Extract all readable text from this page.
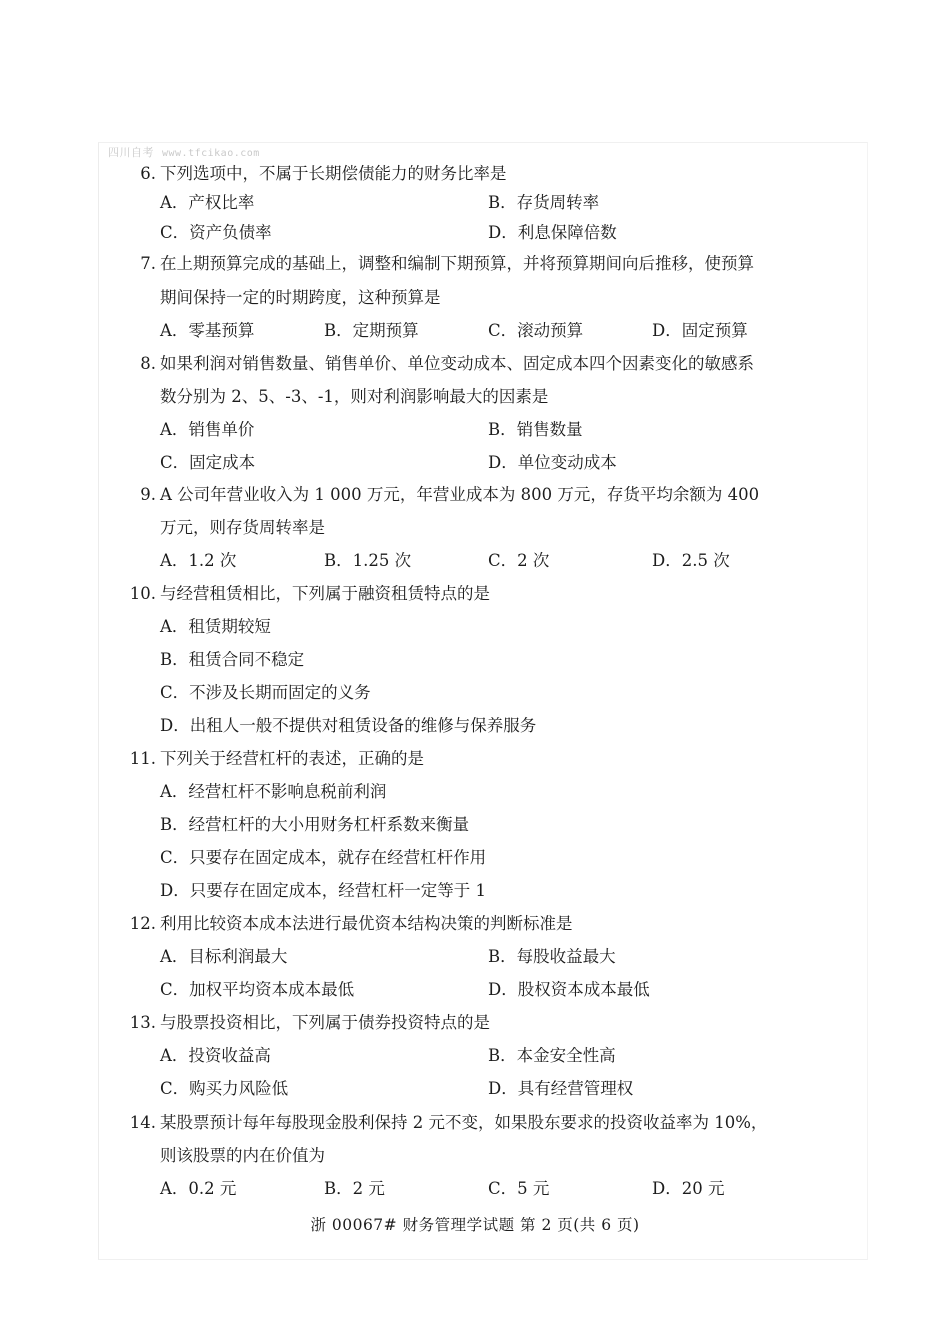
四川自考 www.tfcikao.com
6. 下列选项中，不属于长期偿债能力的财务比率是
A．产权比率	B．存货周转率
C．资产负债率	D．利息保障倍数
7. 在上期预算完成的基础上，调整和编制下期预算，并将预算期间向后推移，使预算
期间保持一定的时期跨度，这种预算是
A．零基预算	B．定期预算	C．滚动预算	D．固定预算
8. 如果利润对销售数量、销售单价、单位变动成本、固定成本四个因素变化的敏感系
数分别为 2、5、-3、-1，则对利润影响最大的因素是
A．销售单价	B．销售数量
C．固定成本	D．单位变动成本
9. A 公司年营业收入为 1 000 万元，年营业成本为 800 万元，存货平均余额为 400
万元，则存货周转率是
A．1.2 次	B．1.25 次	C．2 次	D．2.5 次
10. 与经营租赁相比，下列属于融资租赁特点的是
A．租赁期较短
B．租赁合同不稳定
C．不涉及长期而固定的义务
D．出租人一般不提供对租赁设备的维修与保养服务
11. 下列关于经营杠杆的表述，正确的是
A．经营杠杆不影响息税前利润
B．经营杠杆的大小用财务杠杆系数来衡量
C．只要存在固定成本，就存在经营杠杆作用
D．只要存在固定成本，经营杠杆一定等于 1
12. 利用比较资本成本法进行最优资本结构决策的判断标准是
A．目标利润最大	B．每股收益最大
C．加权平均资本成本最低	D．股权资本成本最低
13. 与股票投资相比，下列属于债券投资特点的是
A．投资收益高	B．本金安全性高
C．购买力风险低	D．具有经营管理权
14. 某股票预计每年每股现金股利保持 2 元不变，如果股东要求的投资收益率为 10%，
则该股票的内在价值为
A．0.2 元	B．2 元	C．5 元	D．20 元
浙 00067# 财务管理学试题 第 2 页(共 6 页)
